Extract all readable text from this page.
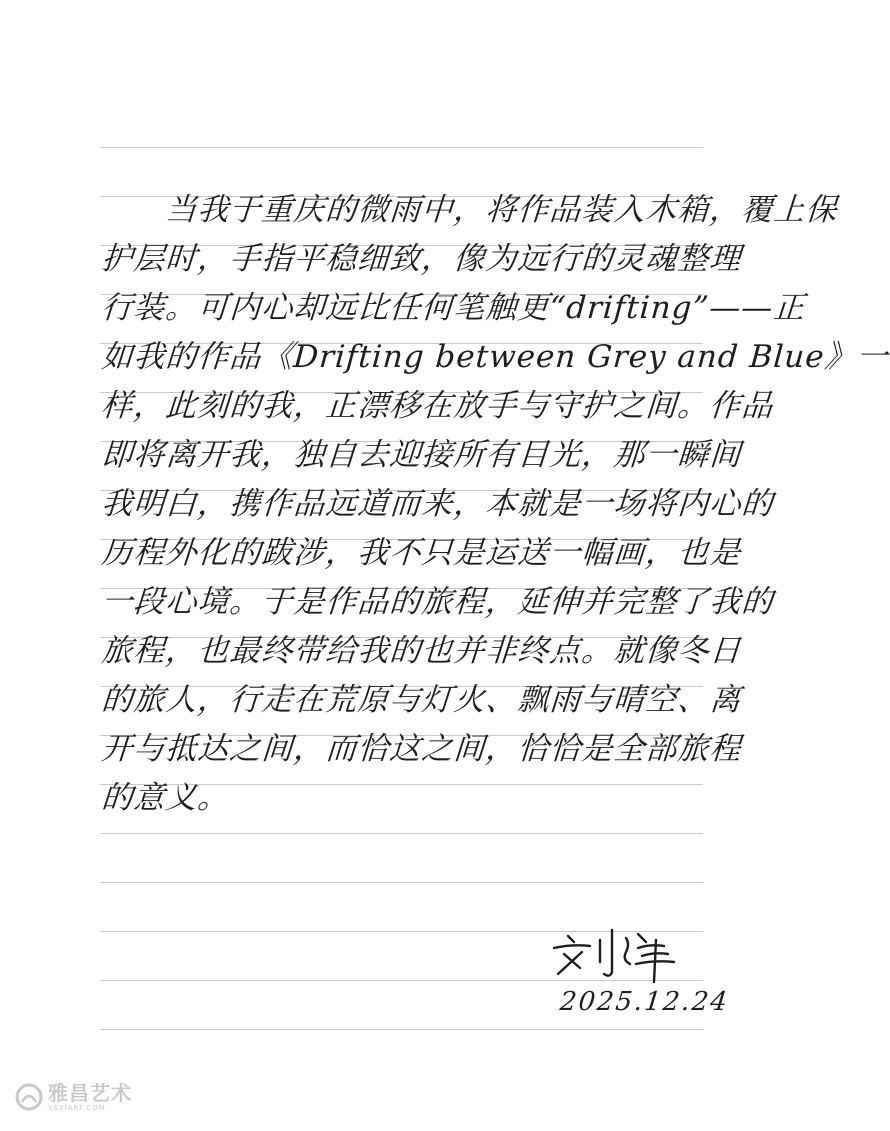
　　当我于重庆的微雨中，将作品装入木箱，覆上保
护层时，手指平稳细致，像为远行的灵魂整理
行装。可内心却远比任何笔触更“drifting”——正
如我的作品《Drifting between Grey and Blue》一
样，此刻的我，正漂移在放手与守护之间。作品
即将离开我，独自去迎接所有目光，那一瞬间
我明白，携作品远道而来，本就是一场将内心的
历程外化的跋涉，我不只是运送一幅画，也是
一段心境。于是作品的旅程，延伸并完整了我的
旅程，也最终带给我的也并非终点。就像冬日
的旅人，行走在荒原与灯火、飘雨与晴空、离
开与抵达之间，而恰这之间，恰恰是全部旅程
的意义。
2025.12.24
雅昌艺术
YSXIART.COM
